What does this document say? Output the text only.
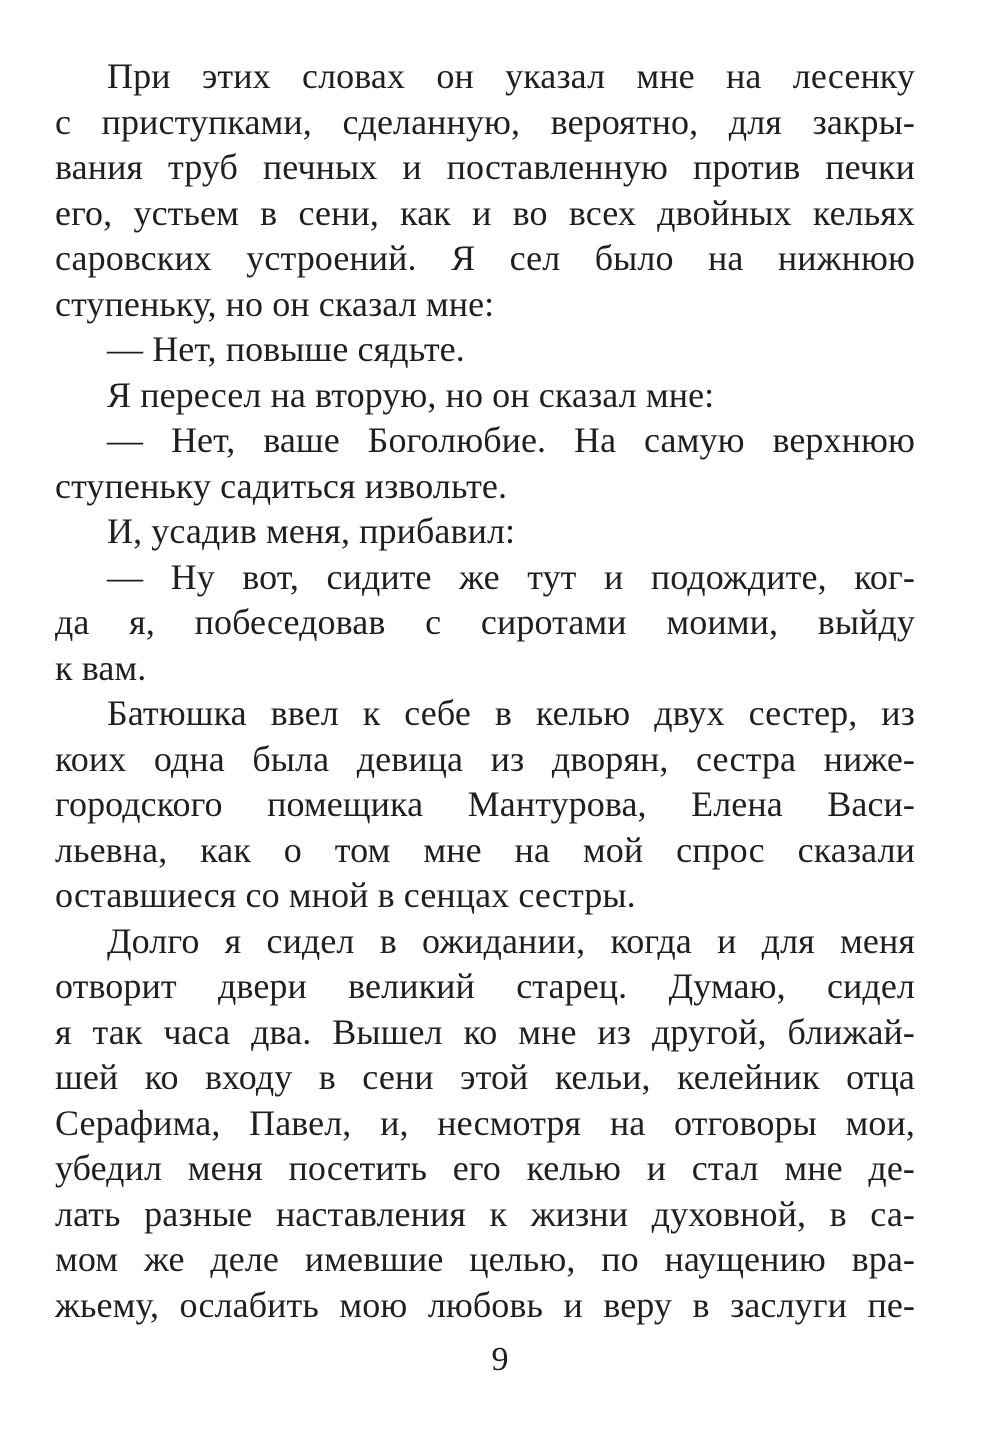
При этих словах он указал мне на лесенку
с приступками, сделанную, вероятно, для закры-
вания труб печных и поставленную против печки
его, устьем в сени, как и во всех двойных кельях
саровских устроений. Я сел было на нижнюю
ступеньку, но он сказал мне:
— Нет, повыше сядьте.
Я пересел на вторую, но он сказал мне:
— Нет, ваше Боголюбие. На самую верхнюю
ступеньку садиться извольте.
И, усадив меня, прибавил:
— Ну вот, сидите же тут и подождите, ког-
да я, побеседовав с сиротами моими, выйду
к вам.
Батюшка ввел к себе в келью двух сестер, из
коих одна была девица из дворян, сестра ниже-
городского помещика Мантурова, Елена Васи-
льевна, как о том мне на мой спрос сказали
оставшиеся со мной в сенцах сестры.
Долго я сидел в ожидании, когда и для меня
отворит двери великий старец. Думаю, сидел
я так часа два. Вышел ко мне из другой, ближай-
шей ко входу в сени этой кельи, келейник отца
Серафима, Павел, и, несмотря на отговоры мои,
убедил меня посетить его келью и стал мне де-
лать разные наставления к жизни духовной, в са-
мом же деле имевшие целью, по наущению вра-
жьему, ослабить мою любовь и веру в заслуги пе-
9
